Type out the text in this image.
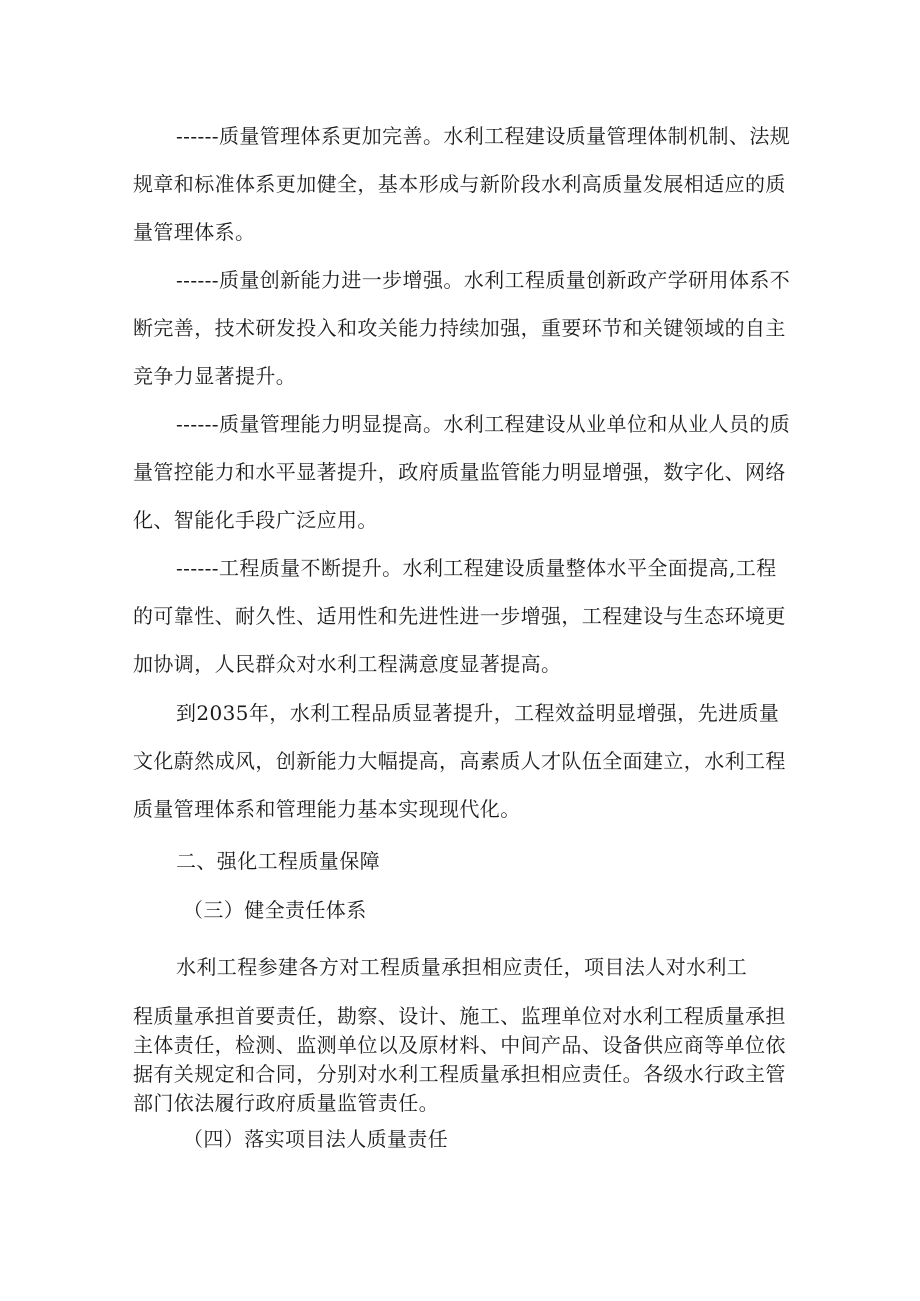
------质量管理体系更加完善。水利工程建设质量管理体制机制、法规规章和标准体系更加健全，基本形成与新阶段水利高质量发展相适应的质量管理体系。

------质量创新能力进一步增强。水利工程质量创新政产学研用体系不断完善，技术研发投入和攻关能力持续加强，重要环节和关键领域的自主竞争力显著提升。

------质量管理能力明显提高。水利工程建设从业单位和从业人员的质量管控能力和水平显著提升，政府质量监管能力明显增强，数字化、网络化、智能化手段广泛应用。

------工程质量不断提升。水利工程建设质量整体水平全面提高,工程的可靠性、耐久性、适用性和先进性进一步增强，工程建设与生态环境更加协调，人民群众对水利工程满意度显著提高。

到2035年，水利工程品质显著提升，工程效益明显增强，先进质量文化蔚然成风，创新能力大幅提高，高素质人才队伍全面建立，水利工程质量管理体系和管理能力基本实现现代化。

二、强化工程质量保障

（三）健全责任体系

水利工程参建各方对工程质量承担相应责任，项目法人对水利工

程质量承担首要责任，勘察、设计、施工、监理单位对水利工程质量承担主体责任，检测、监测单位以及原材料、中间产品、设备供应商等单位依据有关规定和合同，分别对水利工程质量承担相应责任。各级水行政主管部门依法履行政府质量监管责任。

（四）落实项目法人质量责任
